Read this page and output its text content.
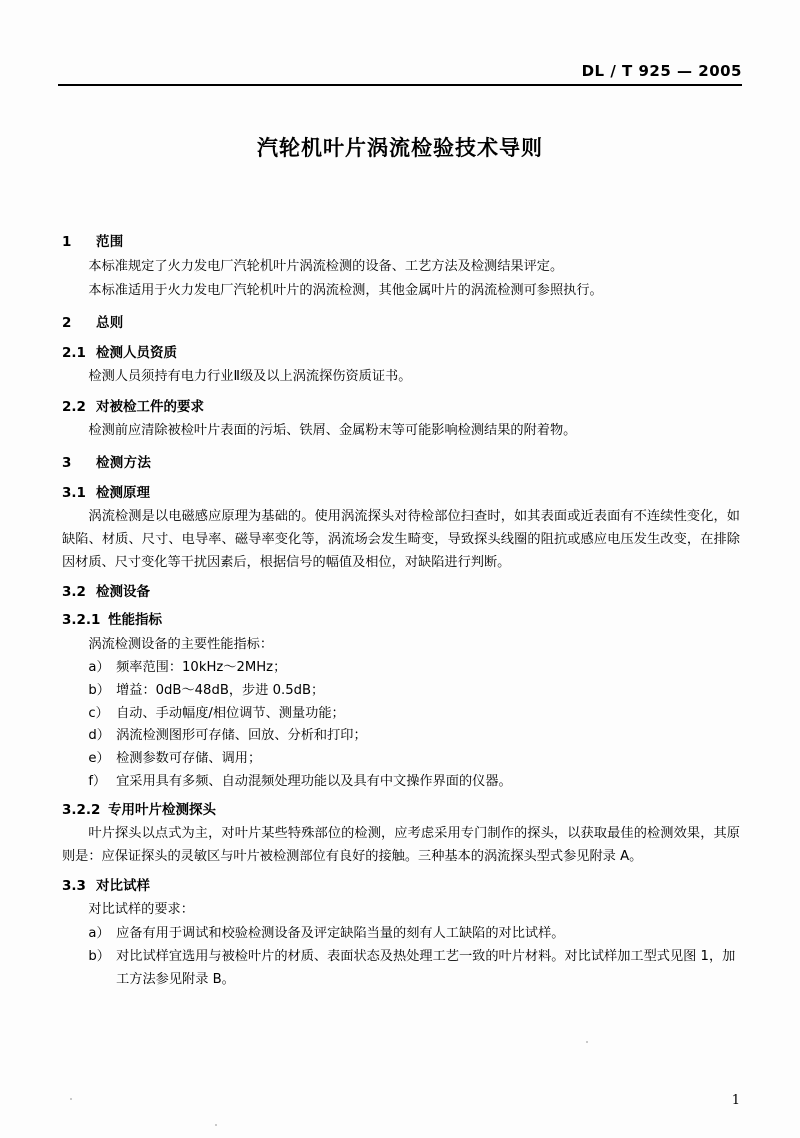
DL / T 925 — 2005
汽轮机叶片涡流检验技术导则
1 范围

本标准规定了火力发电厂汽轮机叶片涡流检测的设备、工艺方法及检测结果评定。

本标准适用于火力发电厂汽轮机叶片的涡流检测，其他金属叶片的涡流检测可参照执行。

2 总则
2.1 检测人员资质

检测人员须持有电力行业Ⅱ级及以上涡流探伤资质证书。

2.2 对被检工件的要求

检测前应清除被检叶片表面的污垢、铁屑、金属粉末等可能影响检测结果的附着物。

3 检测方法
3.1 检测原理

涡流检测是以电磁感应原理为基础的。使用涡流探头对待检部位扫查时，如其表面或近表面有不连续性变化，如缺陷、材质、尺寸、电导率、磁导率变化等，涡流场会发生畸变，导致探头线圈的阻抗或感应电压发生改变，在排除因材质、尺寸变化等干扰因素后，根据信号的幅值及相位，对缺陷进行判断。

3.2 检测设备
3.2.1 性能指标

涡流检测设备的主要性能指标：

a） 频率范围：10kHz～2MHz；
b） 增益：0dB～48dB，步进 0.5dB；
c） 自动、手动幅度/相位调节、测量功能；
d） 涡流检测图形可存储、回放、分析和打印；
e） 检测参数可存储、调用；
f） 宜采用具有多频、自动混频处理功能以及具有中文操作界面的仪器。
3.2.2 专用叶片检测探头

叶片探头以点式为主，对叶片某些特殊部位的检测，应考虑采用专门制作的探头，以获取最佳的检测效果，其原则是：应保证探头的灵敏区与叶片被检测部位有良好的接触。三种基本的涡流探头型式参见附录 A。

3.3 对比试样

对比试样的要求：

a） 应备有用于调试和校验检测设备及评定缺陷当量的刻有人工缺陷的对比试样。
b） 对比试样宜选用与被检叶片的材质、表面状态及热处理工艺一致的叶片材料。对比试样加工型式见图 1，加工方法参见附录 B。
1
